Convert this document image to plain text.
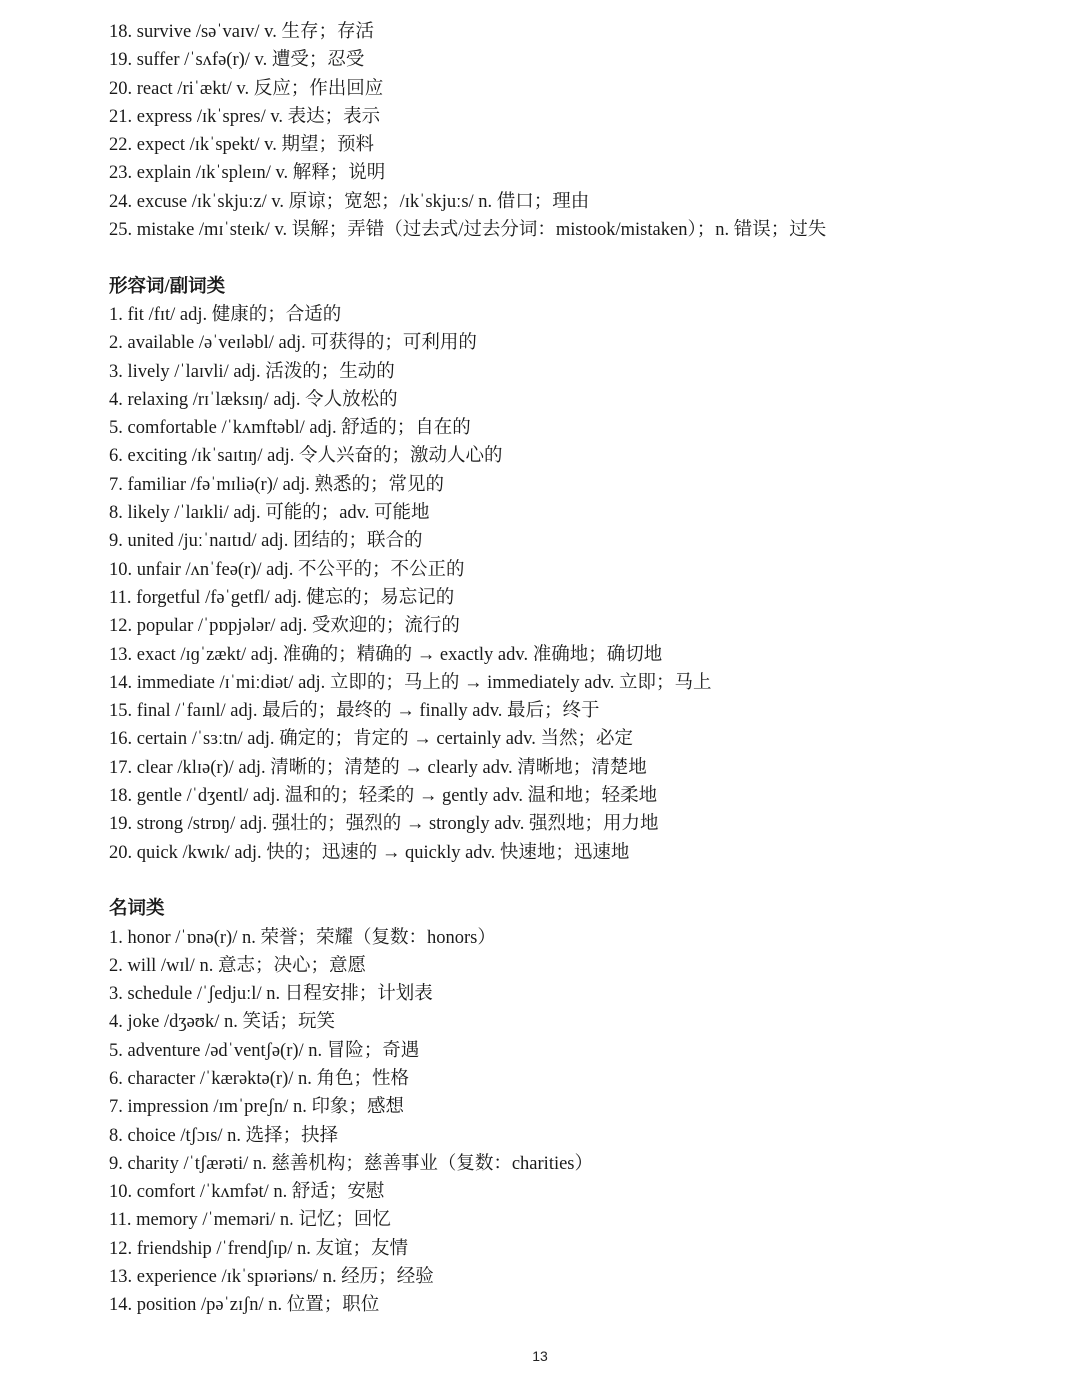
18. survive /səˈvaɪv/ v. 生存；存活
19. suffer /ˈsʌfə(r)/ v. 遭受；忍受
20. react /riˈækt/ v. 反应；作出回应
21. express /ɪkˈspres/ v. 表达；表示
22. expect /ɪkˈspekt/ v. 期望；预料
23. explain /ɪkˈspleɪn/ v. 解释；说明
24. excuse /ɪkˈskjuːz/ v. 原谅；宽恕；/ɪkˈskjuːs/ n. 借口；理由
25. mistake /mɪˈsteɪk/ v. 误解；弄错（过去式/过去分词：mistook/mistaken）；n. 错误；过失
形容词/副词类
1. fit /fɪt/ adj. 健康的；合适的
2. available /əˈveɪləbl/ adj. 可获得的；可利用的
3. lively /ˈlaɪvli/ adj. 活泼的；生动的
4. relaxing /rɪˈlæksɪŋ/ adj. 令人放松的
5. comfortable /ˈkʌmftəbl/ adj. 舒适的；自在的
6. exciting /ɪkˈsaɪtɪŋ/ adj. 令人兴奋的；激动人心的
7. familiar /fəˈmɪliə(r)/ adj. 熟悉的；常见的
8. likely /ˈlaɪkli/ adj. 可能的；adv. 可能地
9. united /juːˈnaɪtɪd/ adj. 团结的；联合的
10. unfair /ʌnˈfeə(r)/ adj. 不公平的；不公正的
11. forgetful /fəˈgetfl/ adj. 健忘的；易忘记的
12. popular /ˈpɒpjələr/ adj. 受欢迎的；流行的
13. exact /ɪɡˈzækt/ adj. 准确的；精确的 → exactly adv. 准确地；确切地
14. immediate /ɪˈmiːdiət/ adj. 立即的；马上的 → immediately adv. 立即；马上
15. final /ˈfaɪnl/ adj. 最后的；最终的 → finally adv. 最后；终于
16. certain /ˈsɜːtn/ adj. 确定的；肯定的 → certainly adv. 当然；必定
17. clear /klɪə(r)/ adj. 清晰的；清楚的 → clearly adv. 清晰地；清楚地
18. gentle /ˈdʒentl/ adj. 温和的；轻柔的 → gently adv. 温和地；轻柔地
19. strong /strɒŋ/ adj. 强壮的；强烈的 → strongly adv. 强烈地；用力地
20. quick /kwɪk/ adj. 快的；迅速的 → quickly adv. 快速地；迅速地
名词类
1. honor /ˈɒnə(r)/ n. 荣誉；荣耀（复数：honors）
2. will /wɪl/ n. 意志；决心；意愿
3. schedule /ˈʃedjuːl/ n. 日程安排；计划表
4. joke /dʒəʊk/ n. 笑话；玩笑
5. adventure /ədˈventʃə(r)/ n. 冒险；奇遇
6. character /ˈkærəktə(r)/ n. 角色；性格
7. impression /ɪmˈpreʃn/ n. 印象；感想
8. choice /tʃɔɪs/ n. 选择；抉择
9. charity /ˈtʃærəti/ n. 慈善机构；慈善事业（复数：charities）
10. comfort /ˈkʌmfət/ n. 舒适；安慰
11. memory /ˈmeməri/ n. 记忆；回忆
12. friendship /ˈfrendʃɪp/ n. 友谊；友情
13. experience /ɪkˈspɪəriəns/ n. 经历；经验
14. position /pəˈzɪʃn/ n. 位置；职位
13
